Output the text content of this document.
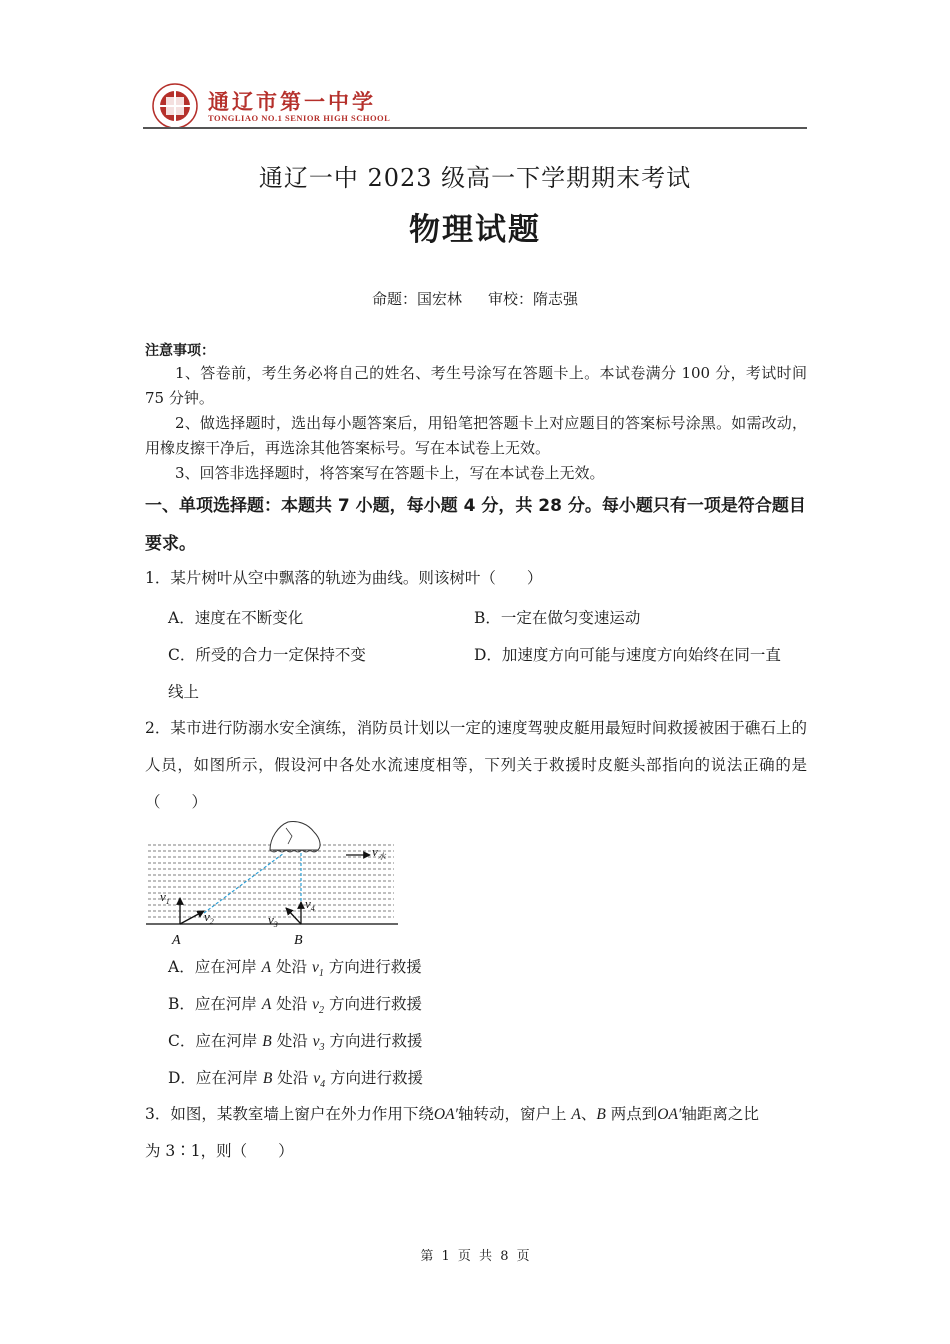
通辽市第一中学
TONGLIAO NO.1 SENIOR HIGH SCHOOL
通辽一中 2023 级高一下学期期末考试
物理试题
命题：国宏林 审校：隋志强
注意事项：
1、答卷前，考生务必将自己的姓名、考生号涂写在答题卡上。本试卷满分 100 分，考试时间 75 分钟。
2、做选择题时，选出每小题答案后，用铅笔把答题卡上对应题目的答案标号涂黑。如需改动，用橡皮擦干净后，再选涂其他答案标号。写在本试卷上无效。
3、回答非选择题时，将答案写在答题卡上，写在本试卷上无效。
一、单项选择题：本题共 7 小题，每小题 4 分，共 28 分。每小题只有一项是符合题目要求。
1．某片树叶从空中飘落的轨迹为曲线。则该树叶（　　）
A．速度在不断变化	B．一定在做匀变速运动
C．所受的合力一定保持不变	D．加速度方向可能与速度方向始终在同一直
线上
2．某市进行防溺水安全演练，消防员计划以一定的速度驾驶皮艇用最短时间救援被困于礁石上的人员，如图所示，假设河中各处水流速度相等，下列关于救援时皮艇头部指向的说法正确的是（　　）
$v_1$
$v_2$	$v_3$
$v_4$
$v_水$
A	B
A．应在河岸 A 处沿 $v_1$ 方向进行救援
B．应在河岸 A 处沿 $v_2$ 方向进行救援
C．应在河岸 B 处沿 $v_3$ 方向进行救援
D．应在河岸 B 处沿 $v_4$ 方向进行救援
3．如图，某教室墙上窗户在外力作用下绕OA′轴转动，窗户上 A、B 两点到OA′轴距离之比
为 3∶1，则（　　）
第 1 页 共 8 页
